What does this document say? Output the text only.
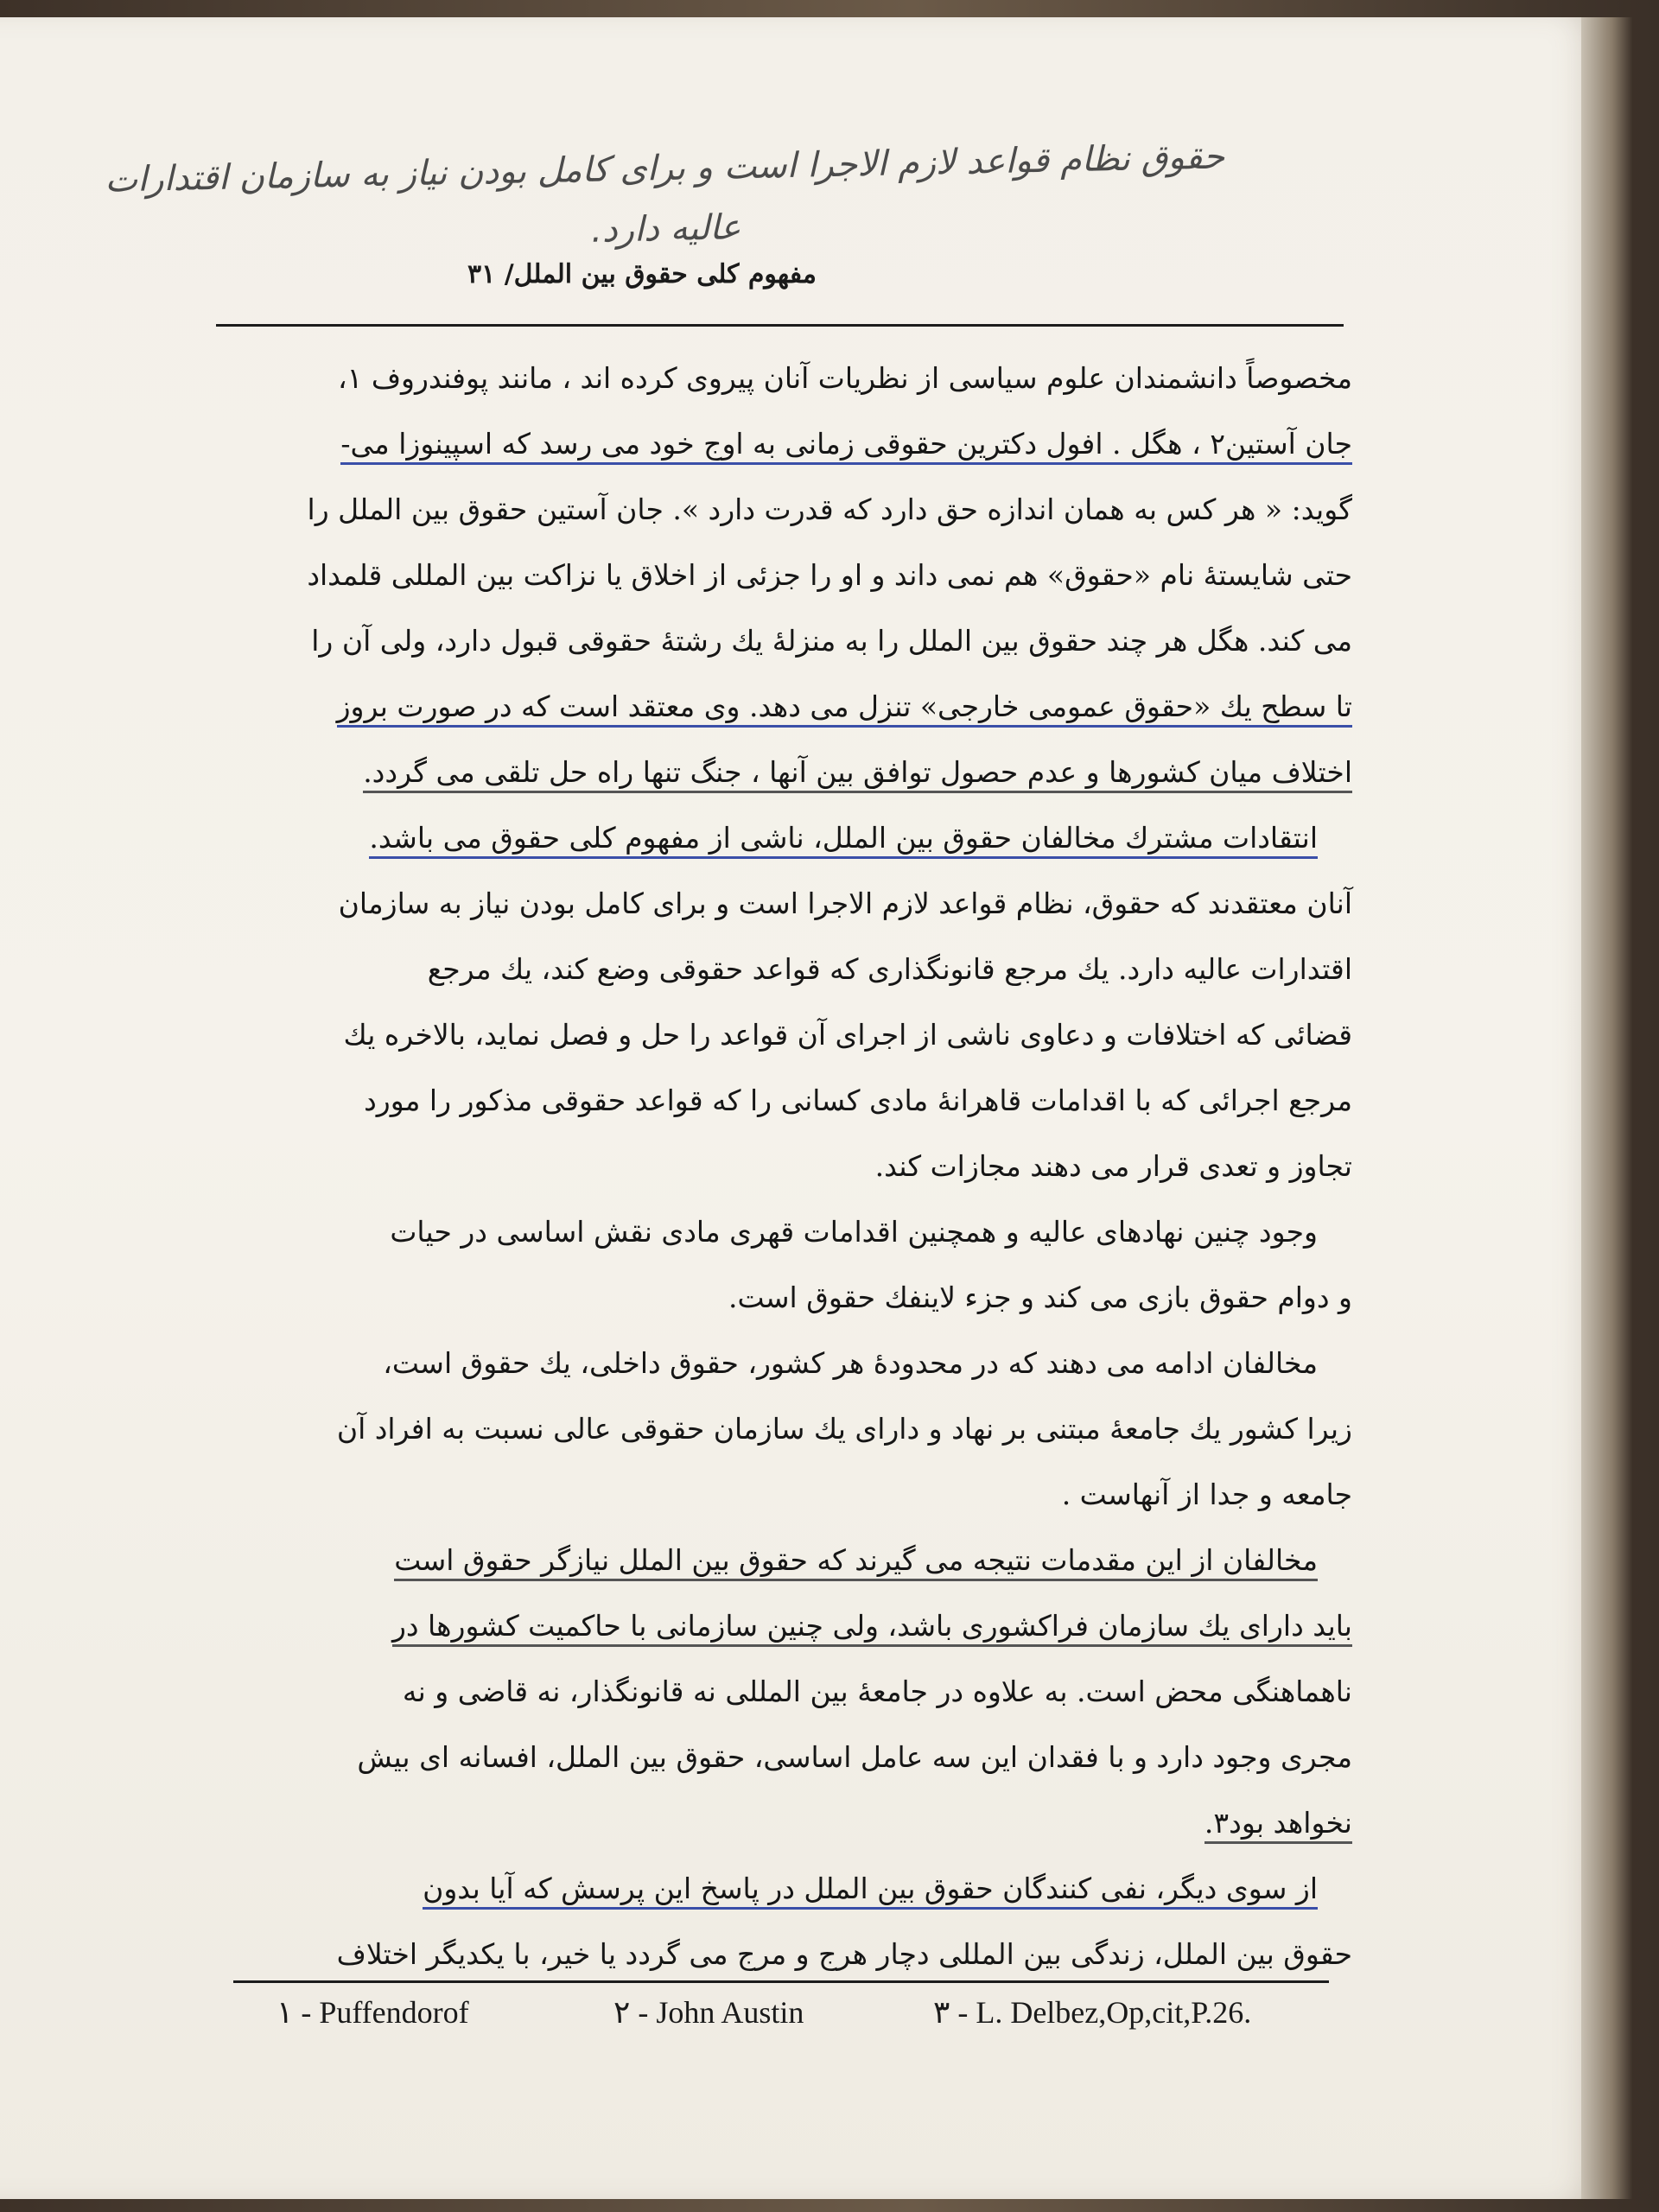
حقوق نظام قواعد لازم الاجرا است و برای کامل بودن نیاز به سازمان اقتدارات
عالیه دارد.
مفهوم کلی حقوق بین الملل/ ۳۱

مخصوصاً دانشمندان علوم سیاسی از نظریات آنان پیروی کرده اند ، مانند پوفندروف ۱،
جان آستین۲ ، هگل . افول دکترین حقوقی زمانی به اوج خود می رسد که اسپینوزا می-
گوید: « هر کس به همان اندازه حق دارد که قدرت دارد ». جان آستین حقوق بین الملل را
حتی شایستهٔ نام «حقوق» هم نمی داند و او را جزئی از اخلاق یا نزاکت بین المللی قلمداد
می کند. هگل هر چند حقوق بین الملل را به منزلهٔ یك رشتهٔ حقوقی قبول دارد، ولی آن را
تا سطح یك «حقوق عمومی خارجی» تنزل می دهد. وی معتقد است که در صورت بروز
اختلاف میان کشورها و عدم حصول توافق بین آنها ، جنگ تنها راه حل تلقی می گردد.

انتقادات مشترك مخالفان حقوق بین الملل، ناشی از مفهوم کلی حقوق می باشد.
آنان معتقدند که حقوق، نظام قواعد لازم الاجرا است و برای کامل بودن نیاز به سازمان
اقتدارات عالیه دارد. یك مرجع قانونگذاری که قواعد حقوقی وضع کند، یك مرجع
قضائی که اختلافات و دعاوی ناشی از اجرای آن قواعد را حل و فصل نماید، بالاخره یك
مرجع اجرائی که با اقدامات قاهرانهٔ مادی کسانی را که قواعد حقوقی مذکور را مورد
تجاوز و تعدی قرار می دهند مجازات کند.

وجود چنین نهادهای عالیه و همچنین اقدامات قهری مادی نقش اساسی در حیات
و دوام حقوق بازی می کند و جزء لاینفك حقوق است.

مخالفان ادامه می دهند که در محدودهٔ هر کشور، حقوق داخلی، یك حقوق است،
زیرا کشور یك جامعهٔ مبتنی بر نهاد و دارای یك سازمان حقوقی عالی نسبت به افراد آن
جامعه و جدا از آنهاست .

مخالفان از این مقدمات نتیجه می گیرند که حقوق بین الملل نیازگر حقوق است
باید دارای یك سازمان فراکشوری باشد، ولی چنین سازمانی با حاکمیت کشورها در
ناهماهنگی محض است. به علاوه در جامعهٔ بین المللی نه قانونگذار، نه قاضی و نه
مجری وجود دارد و با فقدان این سه عامل اساسی، حقوق بین الملل، افسانه ای بیش
نخواهد بود۳.

از سوی دیگر، نفی کنندگان حقوق بین الملل در پاسخ این پرسش که آیا بدون
حقوق بین الملل، زندگی بین المللی دچار هرج و مرج می گردد یا خیر، با یکدیگر اختلاف

۱ - Puffendorof	۲ - John Austin	۳ - L. Delbez,Op,cit,P.26.
